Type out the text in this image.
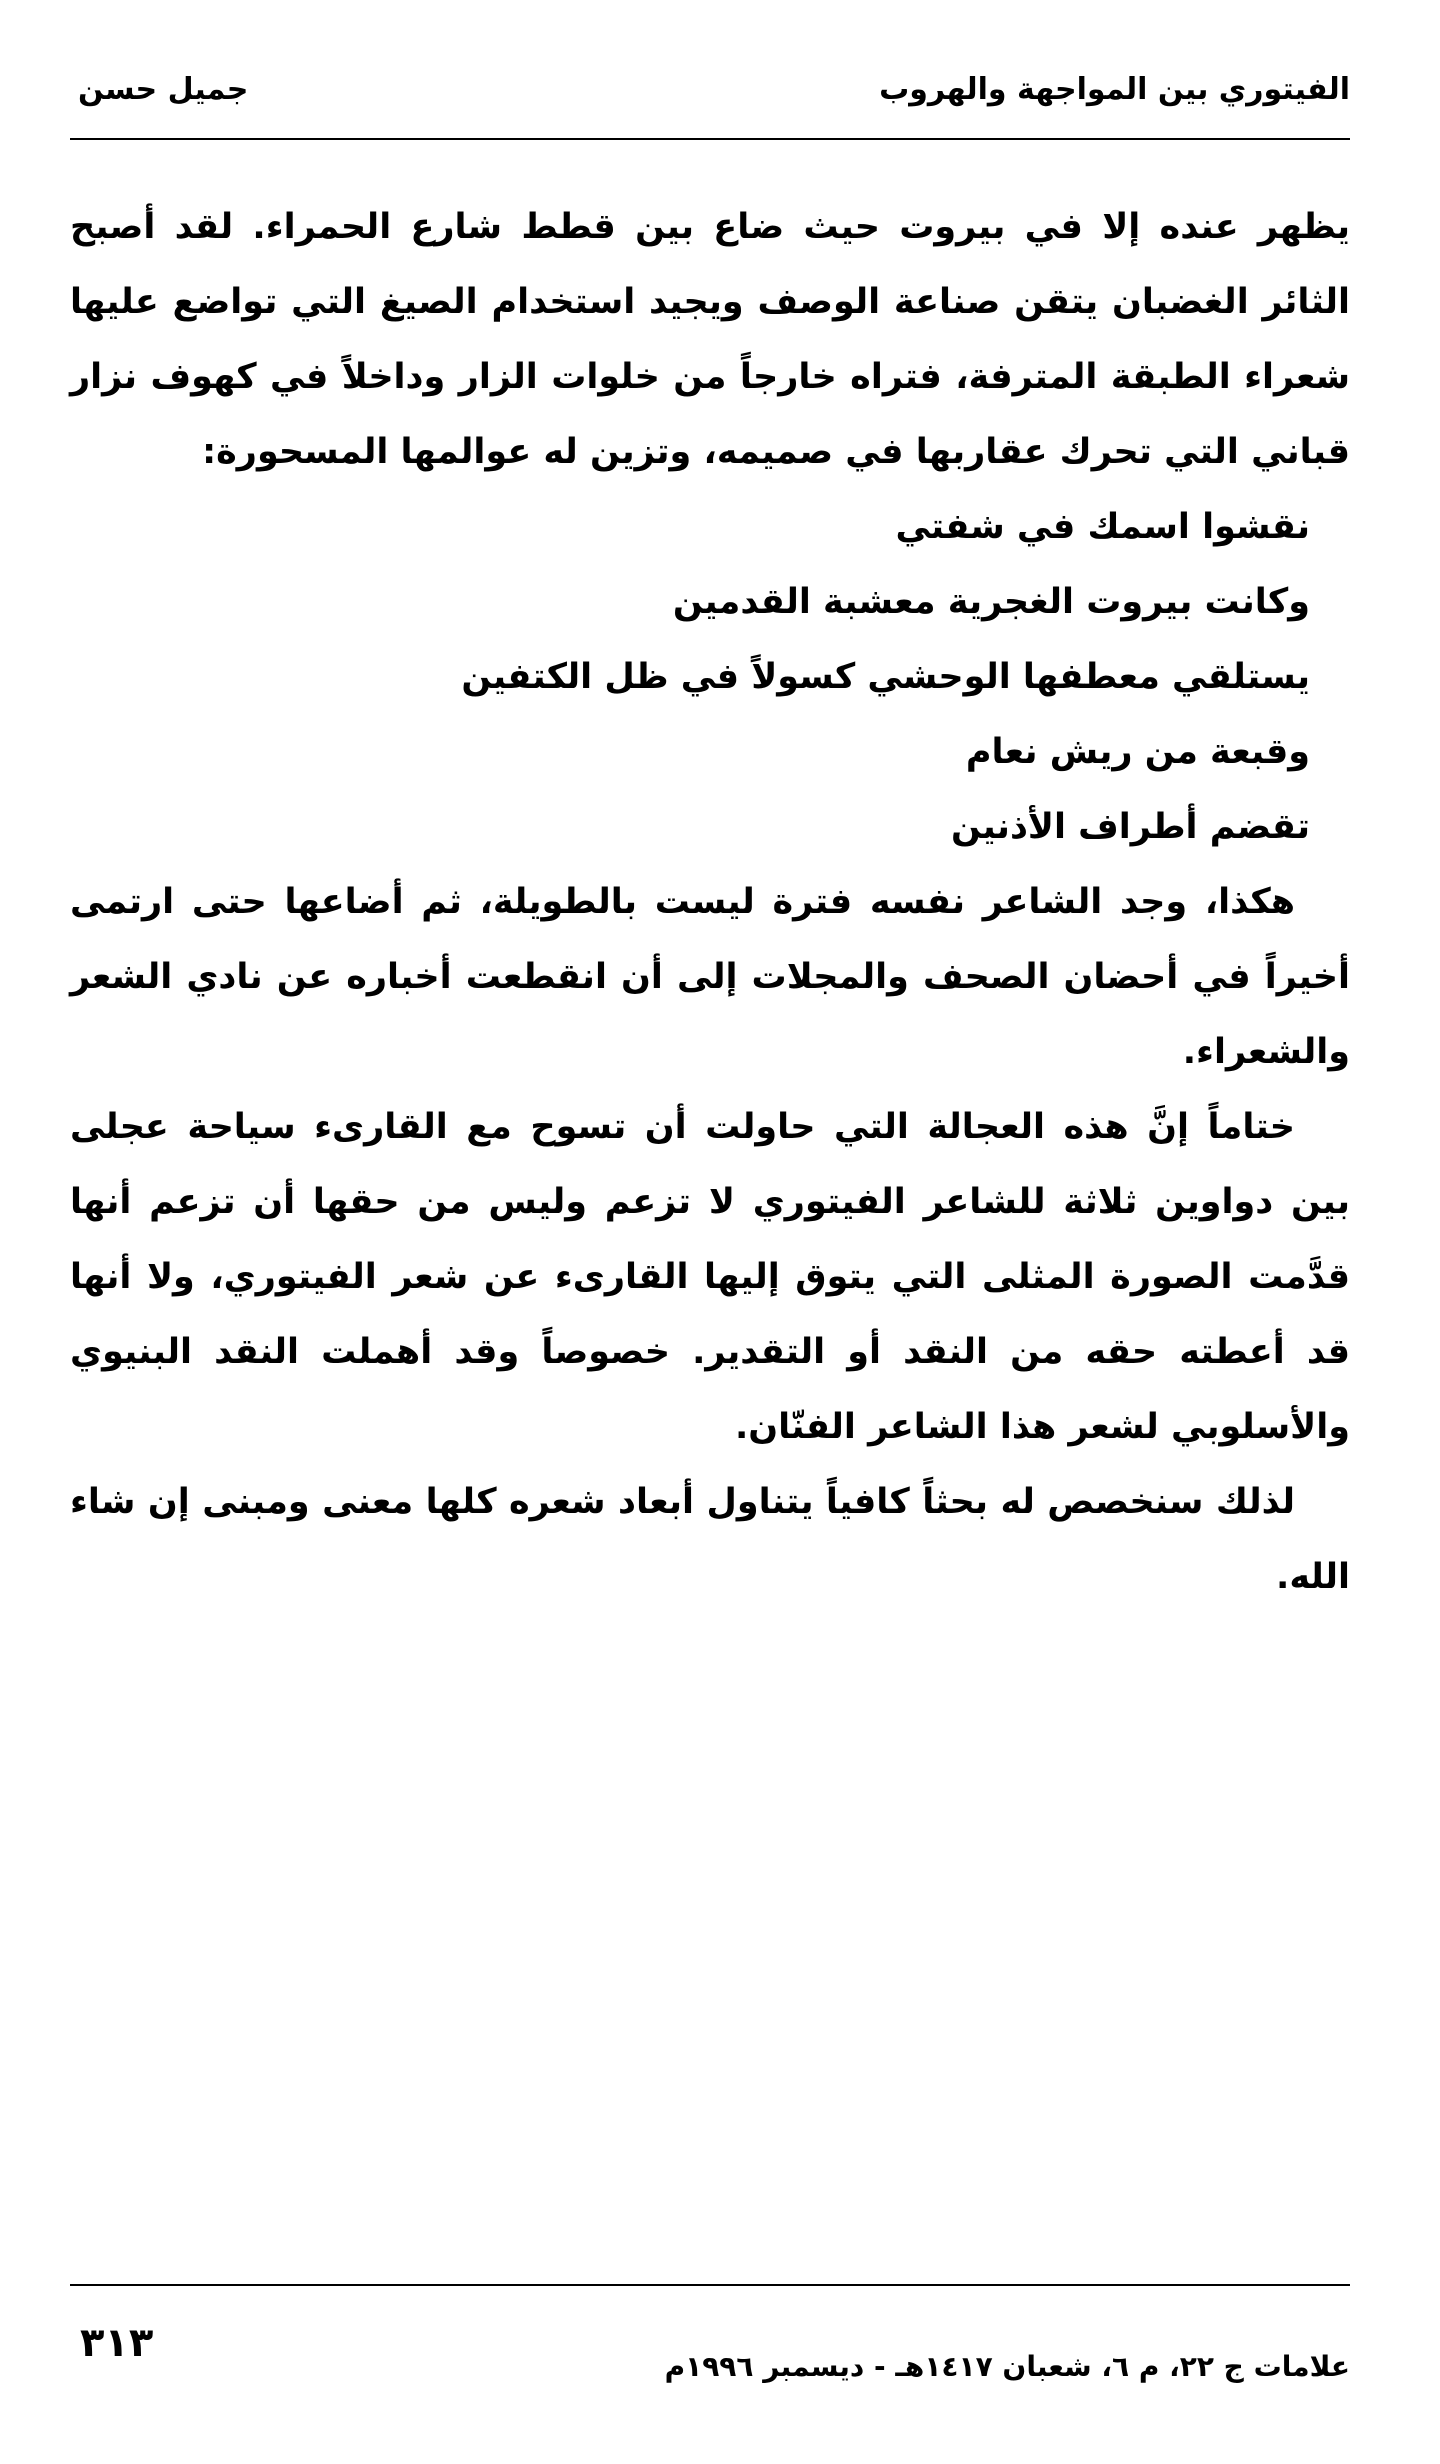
الفيتوري بين المواجهة والهروب
جميل حسن

يظهر عنده إلا في بيروت حيث ضاع بين قطط شارع الحمراء. لقد أصبح الثائر الغضبان يتقن صناعة الوصف ويجيد استخدام الصيغ التي تواضع عليها شعراء الطبقة المترفة، فتراه خارجاً من خلوات الزار وداخلاً في كهوف نزار قباني التي تحرك عقاربها في صميمه، وتزين له عوالمها المسحورة:

نقشوا اسمك في شفتي
وكانت بيروت الغجرية معشبة القدمين
يستلقي معطفها الوحشي كسولاً في ظل الكتفين
وقبعة من ريش نعام
تقضم أطراف الأذنين

هكذا، وجد الشاعر نفسه فترة ليست بالطويلة، ثم أضاعها حتى ارتمى أخيراً في أحضان الصحف والمجلات إلى أن انقطعت أخباره عن نادي الشعر والشعراء.

ختاماً إنَّ هذه العجالة التي حاولت أن تسوح مع القارىء سياحة عجلى بين دواوين ثلاثة للشاعر الفيتوري لا تزعم وليس من حقها أن تزعم أنها قدَّمت الصورة المثلى التي يتوق إليها القارىء عن شعر الفيتوري، ولا أنها قد أعطته حقه من النقد أو التقدير. خصوصاً وقد أهملت النقد البنيوي والأسلوبي لشعر هذا الشاعر الفنّان.

لذلك سنخصص له بحثاً كافياً يتناول أبعاد شعره كلها معنى ومبنى إن شاء الله.

علامات ج ٢٢، م ٦، شعبان ١٤١٧هـ - ديسمبر ١٩٩٦م
٣١٣
